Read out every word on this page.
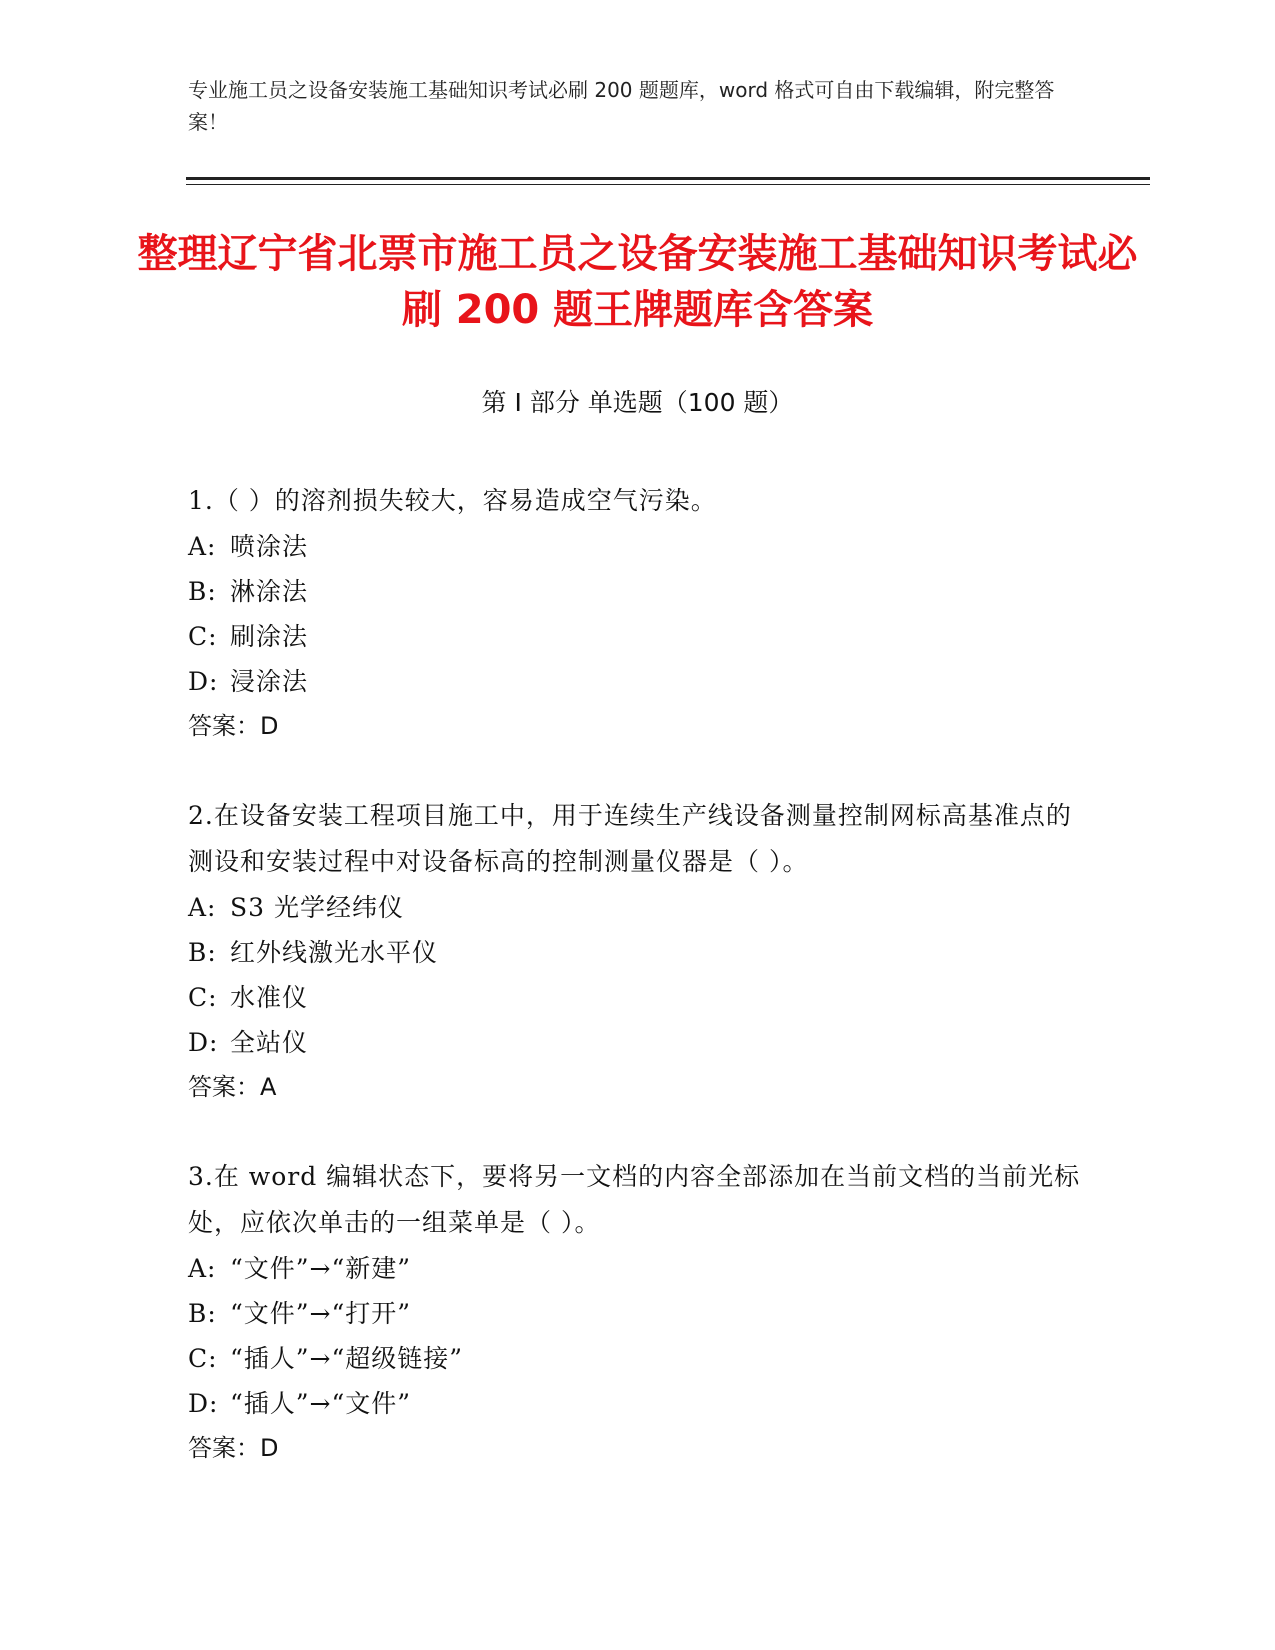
专业施工员之设备安装施工基础知识考试必刷 200 题题库，word 格式可自由下载编辑，附完整答案！
整理辽宁省北票市施工员之设备安装施工基础知识考试必刷 200 题王牌题库含答案
第 I 部分 单选题（100 题）
1.（ ）的溶剂损失较大，容易造成空气污染。
A: 喷涂法
B: 淋涂法
C: 刷涂法
D: 浸涂法
答案：D
2.在设备安装工程项目施工中，用于连续生产线设备测量控制网标高基准点的测设和安装过程中对设备标高的控制测量仪器是（ ）。
A: S3 光学经纬仪
B: 红外线激光水平仪
C: 水准仪
D: 全站仪
答案：A
3.在 word 编辑状态下，要将另一文档的内容全部添加在当前文档的当前光标处，应依次单击的一组菜单是（ ）。
A: “文件”→“新建”
B: “文件”→“打开”
C: “插人”→“超级链接”
D: “插人”→“文件”
答案：D
